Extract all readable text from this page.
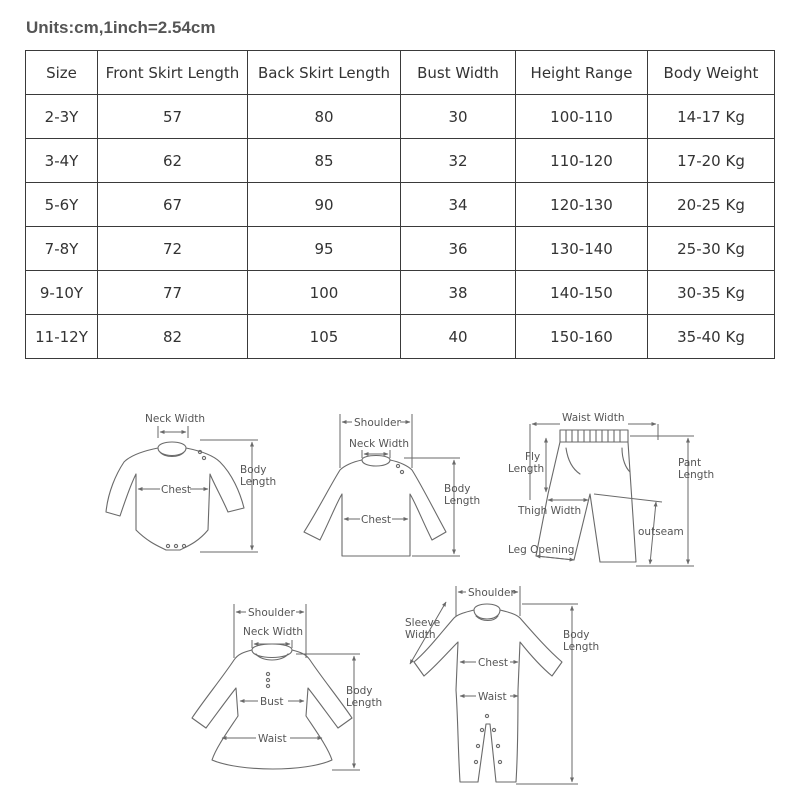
Units:cm,1inch=2.54cm
Size	Front Skirt Length	Back Skirt Length	Bust Width	Height Range	Body Weight
2-3Y	57	80	30	100-110	14-17 Kg
3-4Y	62	85	32	110-120	17-20 Kg
5-6Y	67	90	34	120-130	20-25 Kg
7-8Y	72	95	36	130-140	25-30 Kg
9-10Y	77	100	38	140-150	30-35 Kg
11-12Y	82	105	40	150-160	35-40 Kg
Neck Width
Chest
Body
Length
Shoulder
Neck Width
Chest
Body
Length
Waist Width
Fly
Length	Pant
Length
Thigh Width
outseam
Leg Opening
Shoulder
Neck Width
Bust
Waist
Body
Length
Shoulder
Sleeve
Width
Chest
Waist
Body
Length
